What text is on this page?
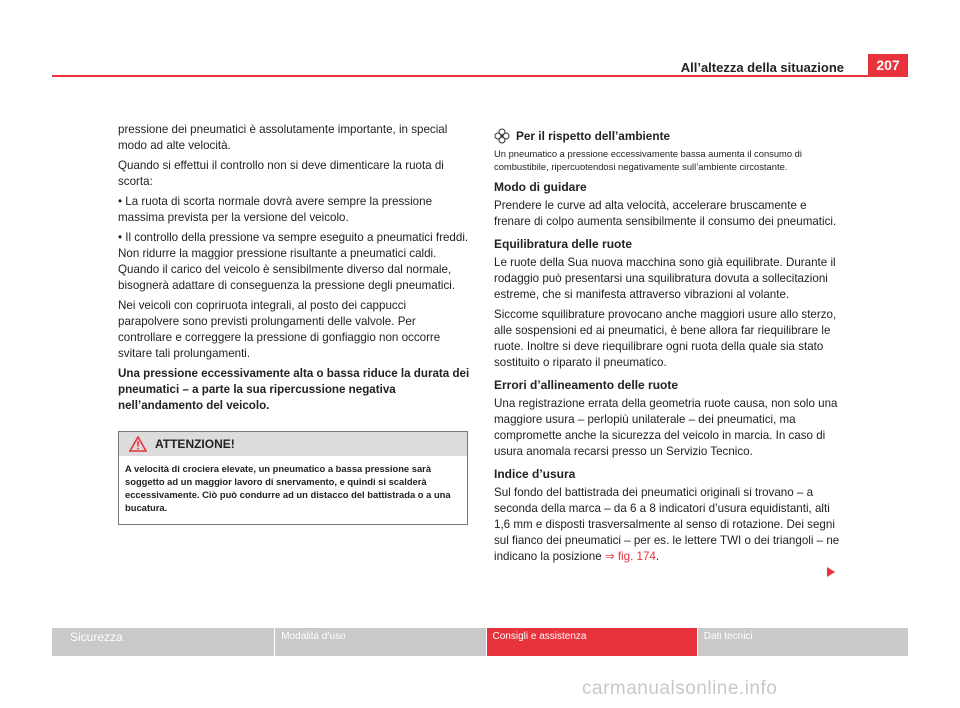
All’altezza della situazione	207

pressione dei pneumatici è assolutamente importante, in special modo ad alte velocità.

Quando si effettui il controllo non si deve dimenticare la ruota di scorta:

• La ruota di scorta normale dovrà avere sempre la pressione massima prevista per la versione del veicolo.

• Il controllo della pressione va sempre eseguito a pneumatici freddi. Non ridurre la maggior pressione risultante a pneumatici caldi. Quando il carico del veicolo è sensibilmente diverso dal normale, bisognerà adattare di conseguenza la pressione degli pneumatici.

Nei veicoli con copriruota integrali, al posto dei cappucci parapolvere sono previsti prolungamenti delle valvole. Per controllare e correggere la pressione di gonfiaggio non occorre svitare tali prolungamenti.

Una pressione eccessivamente alta o bassa riduce la durata dei pneumatici – a parte la sua ripercussione negativa nell’andamento del veicolo.

ATTENZIONE!
A velocità di crociera elevate, un pneumatico a bassa pressione sarà soggetto ad un maggior lavoro di snervamento, e quindi si scalderà eccessivamente. Ciò può condurre ad un distacco del battistrada o a una bucatura.
Per il rispetto dell’ambiente

Un pneumatico a pressione eccessivamente bassa aumenta il consumo di combustibile, ripercuotendosi negativamente sull’ambiente circostante.

Modo di guidare

Prendere le curve ad alta velocità, accelerare bruscamente e frenare di colpo aumenta sensibilmente il consumo dei pneumatici.

Equilibratura delle ruote

Le ruote della Sua nuova macchina sono già equilibrate. Durante il rodaggio può presentarsi una squilibratura dovuta a sollecitazioni estreme, che si manifesta attraverso vibrazioni al volante.

Siccome squilibrature provocano anche maggiori usure allo sterzo, alle sospensioni ed ai pneumatici, è bene allora far riequilibrare le ruote. Inoltre si deve riequilibrare ogni ruota della quale sia stato sostituito o riparato il pneumatico.

Errori d’allineamento delle ruote

Una registrazione errata della geometria ruote causa, non solo una maggiore usura – perlopiù unilaterale – dei pneumatici, ma compromette anche la sicurezza del veicolo in marcia. In caso di usura anomala recarsi presso un Servizio Tecnico.

Indice d’usura

Sul fondo del battistrada dei pneumatici originali si trovano – a seconda della marca – da 6 a 8 indicatori d’usura equidistanti, alti 1,6 mm e disposti trasversalmente al senso di rotazione. Dei segni sul fianco dei pneumatici – per es. le lettere TWI o dei triangoli – ne indicano la posizione ⇒ fig. 174.

Sicurezza	Modalità d’uso	Consigli e assistenza	Dati tecnici
carmanualsonline.info
